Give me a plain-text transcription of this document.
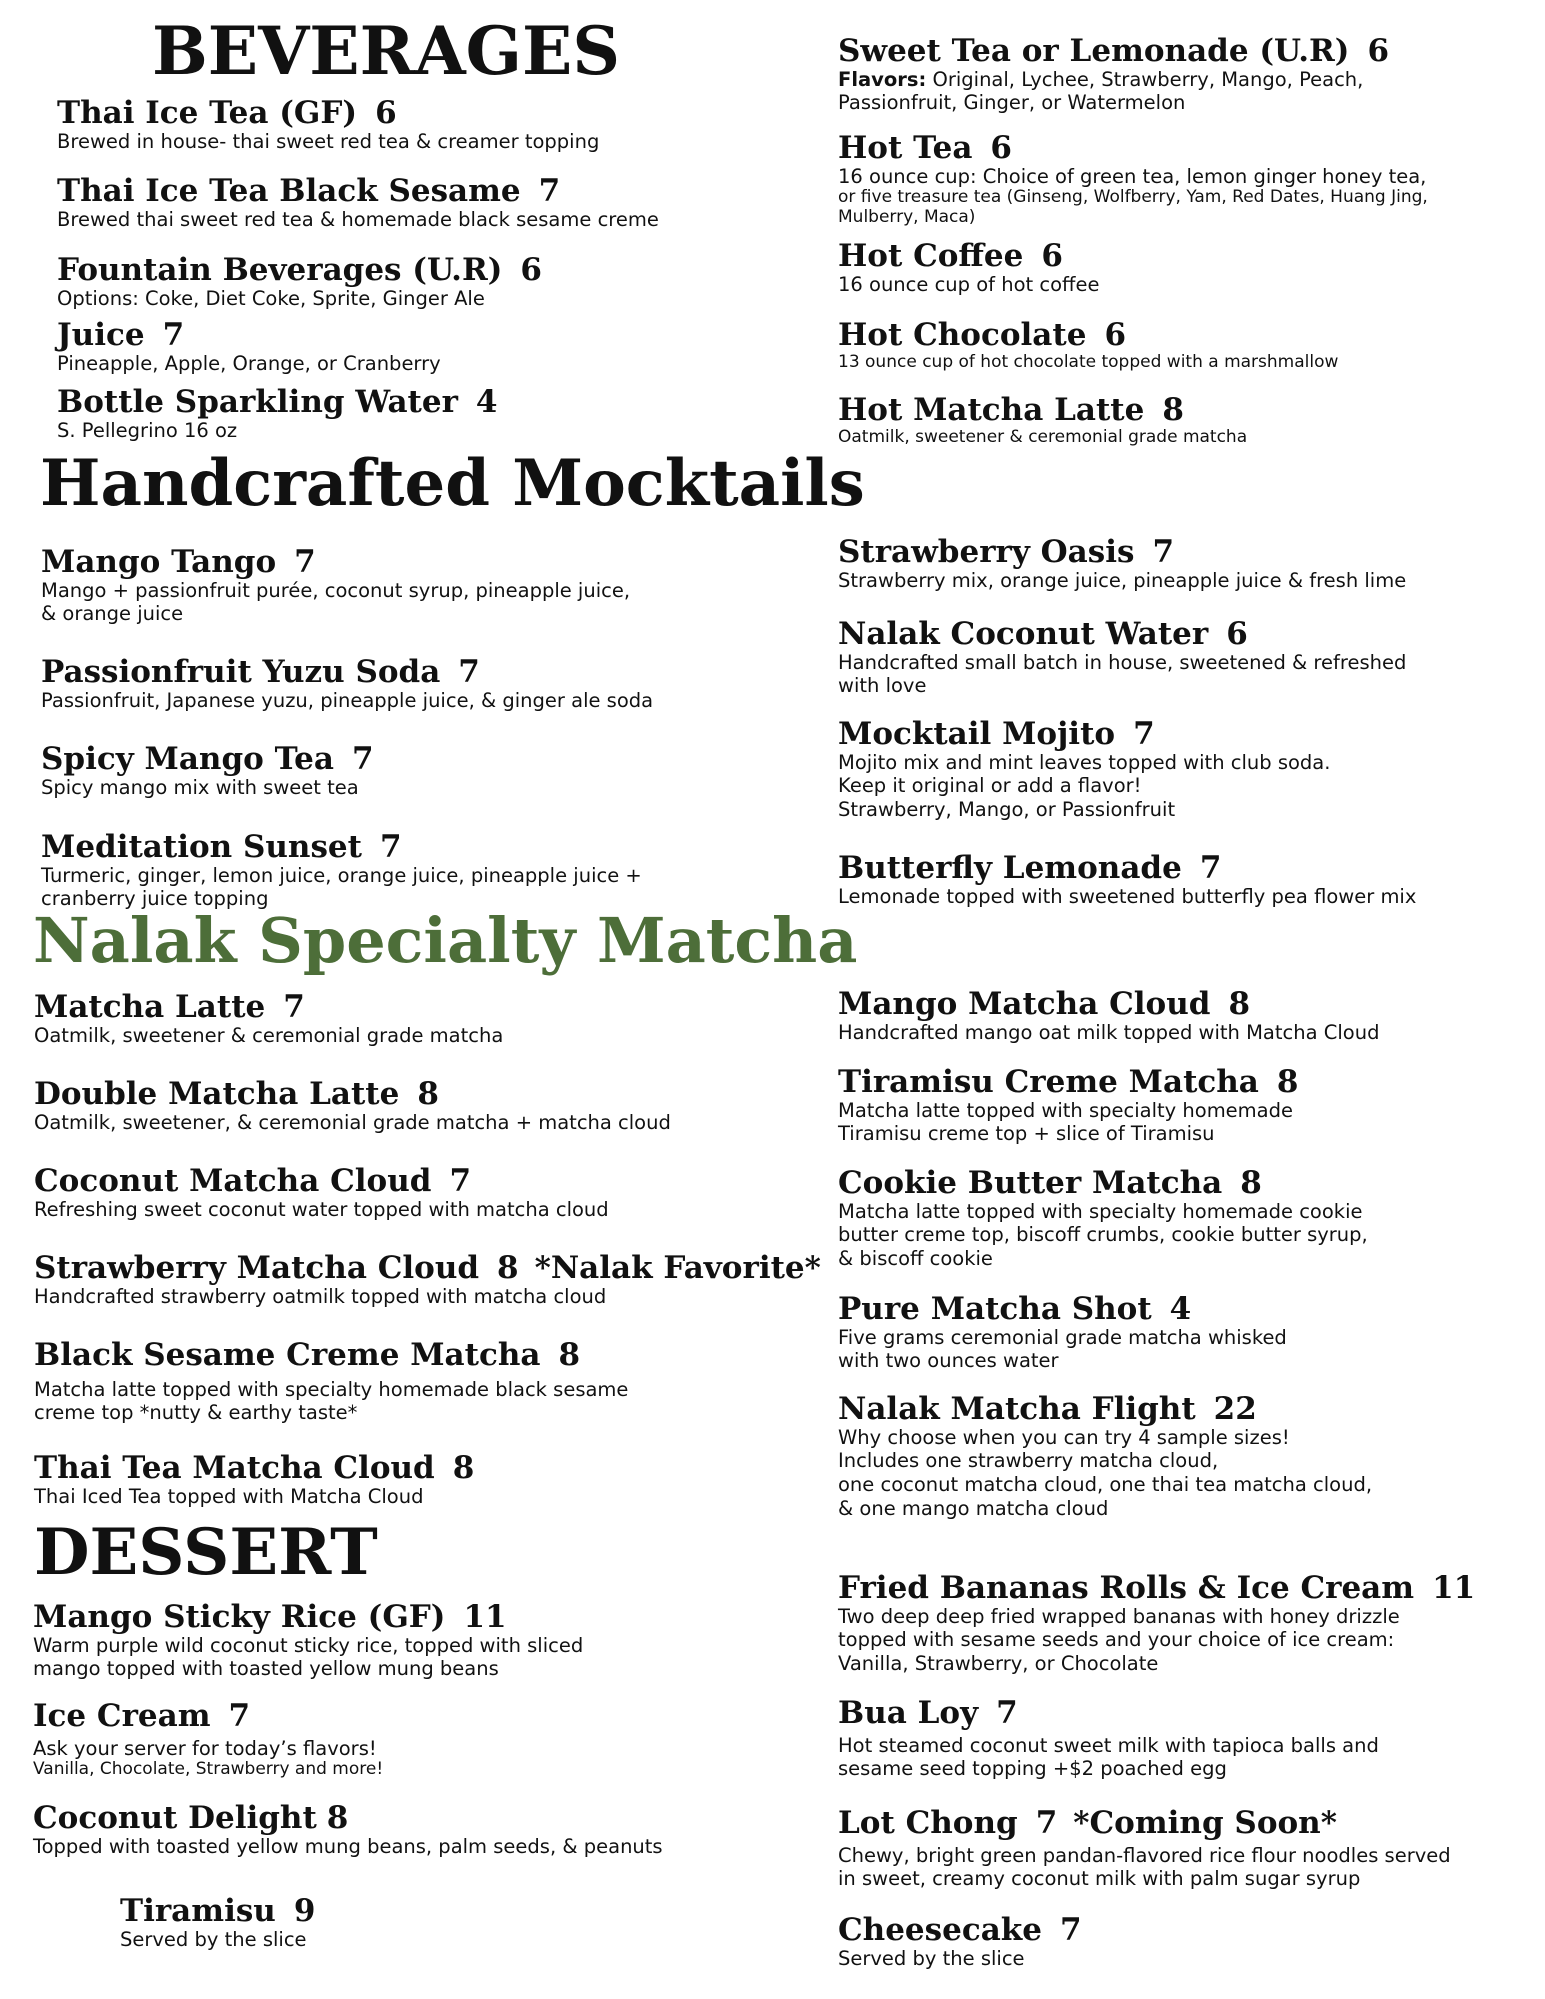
BEVERAGES
Thai Ice Tea (GF) 6
Brewed in house- thai sweet red tea & creamer topping
Thai Ice Tea Black Sesame 7
Brewed thai sweet red tea & homemade black sesame creme
Fountain Beverages (U.R) 6
Options: Coke, Diet Coke, Sprite, Ginger Ale
Juice 7
Pineapple, Apple, Orange, or Cranberry
Bottle Sparkling Water 4
S. Pellegrino 16 oz
Sweet Tea or Lemonade (U.R) 6
Flavors: Original, Lychee, Strawberry, Mango, Peach,
Passionfruit, Ginger, or Watermelon
Hot Tea 6
16 ounce cup: Choice of green tea, lemon ginger honey tea,
or five treasure tea (Ginseng, Wolfberry, Yam, Red Dates, Huang Jing,
Mulberry, Maca)
Hot Coffee 6
16 ounce cup of hot coffee
Hot Chocolate 6
13 ounce cup of hot chocolate topped with a marshmallow
Hot Matcha Latte 8
Oatmilk, sweetener & ceremonial grade matcha
Handcrafted Mocktails
Mango Tango 7
Mango + passionfruit purée, coconut syrup, pineapple juice,
& orange juice
Passionfruit Yuzu Soda 7
Passionfruit, Japanese yuzu, pineapple juice, & ginger ale soda
Spicy Mango Tea 7
Spicy mango mix with sweet tea
Meditation Sunset 7
Turmeric, ginger, lemon juice, orange juice, pineapple juice +
cranberry juice topping
Strawberry Oasis 7
Strawberry mix, orange juice, pineapple juice & fresh lime
Nalak Coconut Water 6
Handcrafted small batch in house, sweetened & refreshed
with love
Mocktail Mojito 7
Mojito mix and mint leaves topped with club soda.
Keep it original or add a flavor!
Strawberry, Mango, or Passionfruit
Butterfly Lemonade 7
Lemonade topped with sweetened butterfly pea flower mix
Nalak Specialty Matcha
Matcha Latte 7
Oatmilk, sweetener & ceremonial grade matcha
Double Matcha Latte 8
Oatmilk, sweetener, & ceremonial grade matcha + matcha cloud
Coconut Matcha Cloud 7
Refreshing sweet coconut water topped with matcha cloud
Strawberry Matcha Cloud 8 *Nalak Favorite*
Handcrafted strawberry oatmilk topped with matcha cloud
Black Sesame Creme Matcha 8
Matcha latte topped with specialty homemade black sesame
creme top *nutty & earthy taste*
Thai Tea Matcha Cloud 8
Thai Iced Tea topped with Matcha Cloud
Mango Matcha Cloud 8
Handcrafted mango oat milk topped with Matcha Cloud
Tiramisu Creme Matcha 8
Matcha latte topped with specialty homemade
Tiramisu creme top + slice of Tiramisu
Cookie Butter Matcha 8
Matcha latte topped with specialty homemade cookie
butter creme top, biscoff crumbs, cookie butter syrup,
& biscoff cookie
Pure Matcha Shot 4
Five grams ceremonial grade matcha whisked
with two ounces water
Nalak Matcha Flight 22
Why choose when you can try 4 sample sizes!
Includes one strawberry matcha cloud,
one coconut matcha cloud, one thai tea matcha cloud,
& one mango matcha cloud
DESSERT
Mango Sticky Rice (GF) 11
Warm purple wild coconut sticky rice, topped with sliced
mango topped with toasted yellow mung beans
Ice Cream 7
Ask your server for today’s flavors!
Vanilla, Chocolate, Strawberry and more!
Coconut Delight 8
Topped with toasted yellow mung beans, palm seeds, & peanuts
Tiramisu 9
Served by the slice
Fried Bananas Rolls & Ice Cream 11
Two deep deep fried wrapped bananas with honey drizzle
topped with sesame seeds and your choice of ice cream:
Vanilla, Strawberry, or Chocolate
Bua Loy 7
Hot steamed coconut sweet milk with tapioca balls and
sesame seed topping +$2 poached egg
Lot Chong 7 *Coming Soon*
Chewy, bright green pandan-flavored rice flour noodles served
in sweet, creamy coconut milk with palm sugar syrup
Cheesecake 7
Served by the slice
